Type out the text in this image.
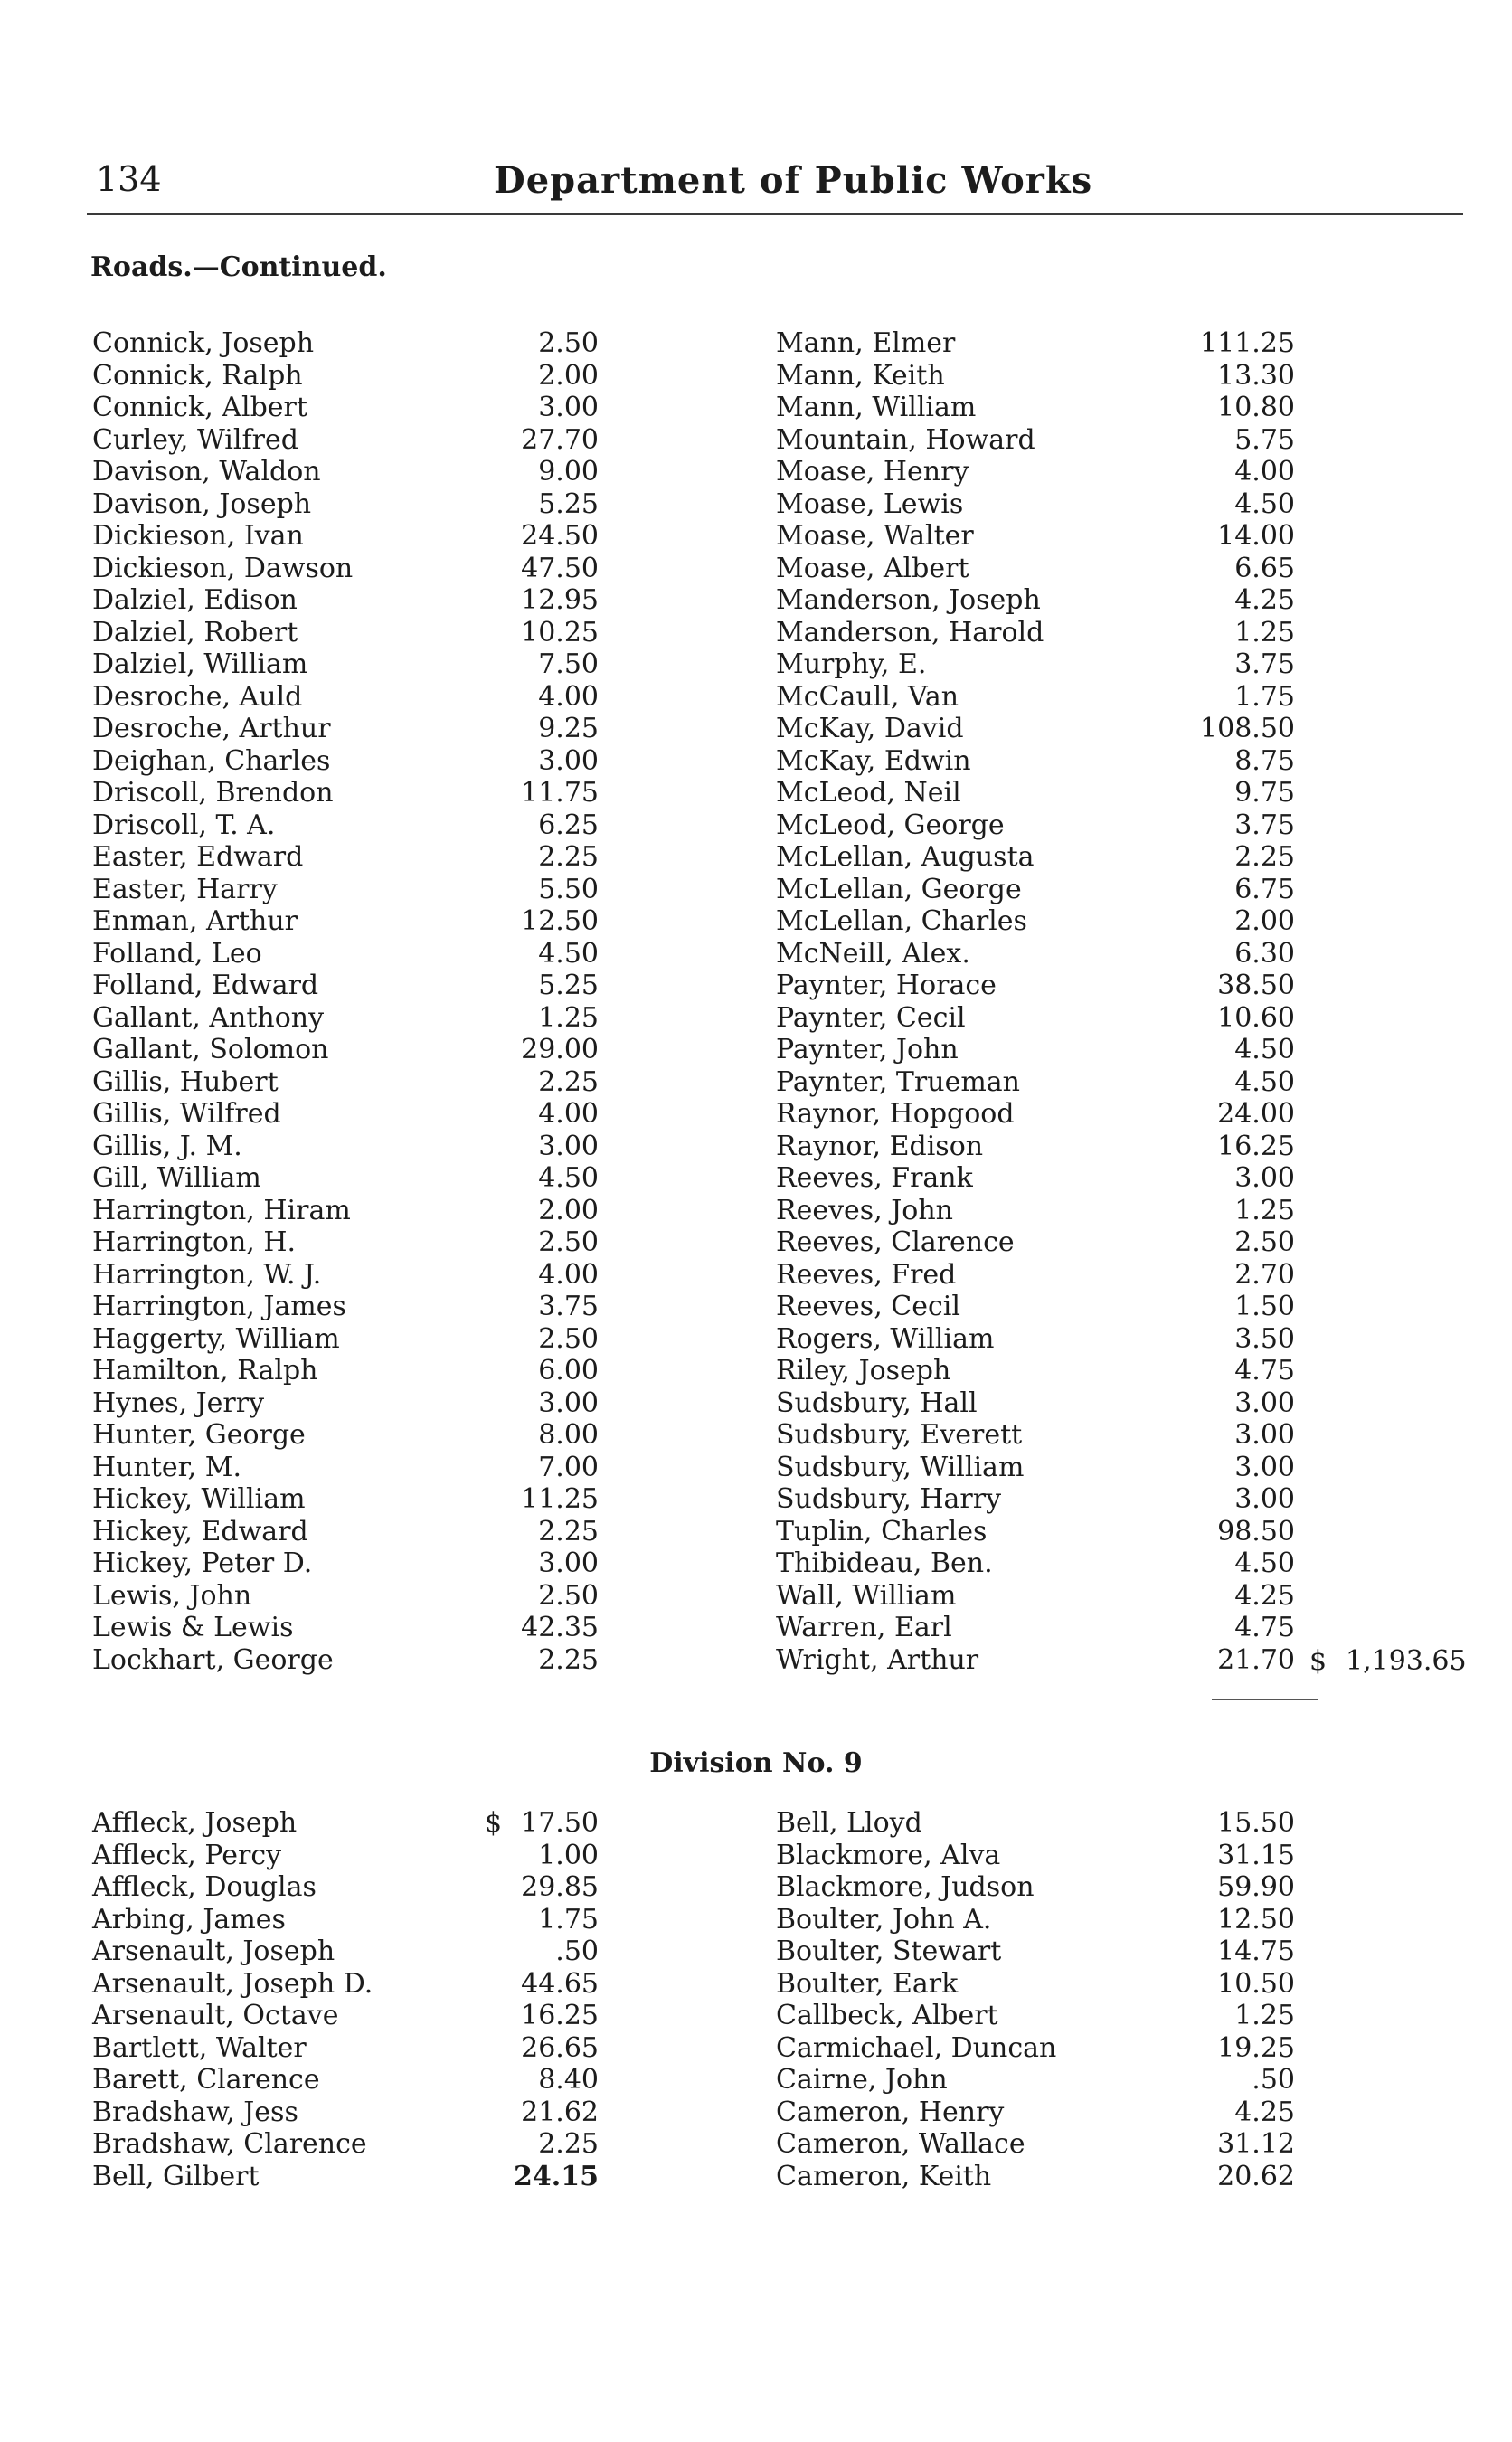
134	Department of Public Works
Roads.—Continued.
Connick, Joseph	2.50
Connick, Ralph	2.00
Connick, Albert	3.00
Curley, Wilfred	27.70
Davison, Waldon	9.00
Davison, Joseph	5.25
Dickieson, Ivan	24.50
Dickieson, Dawson	47.50
Dalziel, Edison	12.95
Dalziel, Robert	10.25
Dalziel, William	7.50
Desroche, Auld	4.00
Desroche, Arthur	9.25
Deighan, Charles	3.00
Driscoll, Brendon	11.75
Driscoll, T. A.	6.25
Easter, Edward	2.25
Easter, Harry	5.50
Enman, Arthur	12.50
Folland, Leo	4.50
Folland, Edward	5.25
Gallant, Anthony	1.25
Gallant, Solomon	29.00
Gillis, Hubert	2.25
Gillis, Wilfred	4.00
Gillis, J. M.	3.00
Gill, William	4.50
Harrington, Hiram	2.00
Harrington, H.	2.50
Harrington, W. J.	4.00
Harrington, James	3.75
Haggerty, William	2.50
Hamilton, Ralph	6.00
Hynes, Jerry	3.00
Hunter, George	8.00
Hunter, M.	7.00
Hickey, William	11.25
Hickey, Edward	2.25
Hickey, Peter D.	3.00
Lewis, John	2.50
Lewis & Lewis	42.35
Lockhart, George	2.25
Mann, Elmer	111.25
Mann, Keith	13.30
Mann, William	10.80
Mountain, Howard	5.75
Moase, Henry	4.00
Moase, Lewis	4.50
Moase, Walter	14.00
Moase, Albert	6.65
Manderson, Joseph	4.25
Manderson, Harold	1.25
Murphy, E.	3.75
McCaull, Van	1.75
McKay, David	108.50
McKay, Edwin	8.75
McLeod, Neil	9.75
McLeod, George	3.75
McLellan, Augusta	2.25
McLellan, George	6.75
McLellan, Charles	2.00
McNeill, Alex.	6.30
Paynter, Horace	38.50
Paynter, Cecil	10.60
Paynter, John	4.50
Paynter, Trueman	4.50
Raynor, Hopgood	24.00
Raynor, Edison	16.25
Reeves, Frank	3.00
Reeves, John	1.25
Reeves, Clarence	2.50
Reeves, Fred	2.70
Reeves, Cecil	1.50
Rogers, William	3.50
Riley, Joseph	4.75
Sudsbury, Hall	3.00
Sudsbury, Everett	3.00
Sudsbury, William	3.00
Sudsbury, Harry	3.00
Tuplin, Charles	98.50
Thibideau, Ben.	4.50
Wall, William	4.25
Warren, Earl	4.75
Wright, Arthur	21.70 $ 1,193.65
Division No. 9
Affleck, Joseph	$ 17.50
Affleck, Percy	1.00
Affleck, Douglas	29.85
Arbing, James	1.75
Arsenault, Joseph	.50
Arsenault, Joseph D.	44.65
Arsenault, Octave	16.25
Bartlett, Walter	26.65
Barett, Clarence	8.40
Bradshaw, Jess	21.62
Bradshaw, Clarence	2.25
Bell, Gilbert	24.15
Bell, Lloyd	15.50
Blackmore, Alva	31.15
Blackmore, Judson	59.90
Boulter, John A.	12.50
Boulter, Stewart	14.75
Boulter, Eark	10.50
Callbeck, Albert	1.25
Carmichael, Duncan	19.25
Cairne, John	.50
Cameron, Henry	4.25
Cameron, Wallace	31.12
Cameron, Keith	20.62
